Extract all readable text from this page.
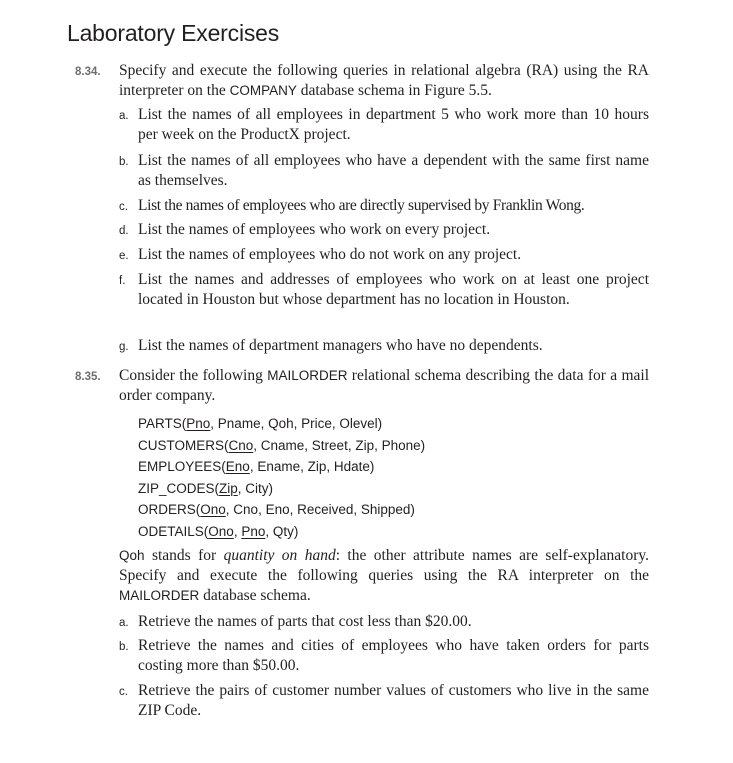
Laboratory Exercises
8.34. Specify and execute the following queries in relational algebra (RA) using the RA interpreter on the COMPANY database schema in Figure 5.5.
a. List the names of all employees in department 5 who work more than 10 hours per week on the ProductX project.
b. List the names of all employees who have a dependent with the same first name as themselves.
c. List the names of employees who are directly supervised by Franklin Wong.
d. List the names of employees who work on every project.
e. List the names of employees who do not work on any project.
f. List the names and addresses of employees who work on at least one project located in Houston but whose department has no location in Houston.
g. List the names of department managers who have no dependents.
8.35. Consider the following MAILORDER relational schema describing the data for a mail order company.
PARTS(Pno, Pname, Qoh, Price, Olevel)
CUSTOMERS(Cno, Cname, Street, Zip, Phone)
EMPLOYEES(Eno, Ename, Zip, Hdate)
ZIP_CODES(Zip, City)
ORDERS(Ono, Cno, Eno, Received, Shipped)
ODETAILS(Ono, Pno, Qty)
Qoh stands for quantity on hand: the other attribute names are self-explanatory. Specify and execute the following queries using the RA interpreter on the MAILORDER database schema.
a. Retrieve the names of parts that cost less than $20.00.
b. Retrieve the names and cities of employees who have taken orders for parts costing more than $50.00.
c. Retrieve the pairs of customer number values of customers who live in the same ZIP Code.
